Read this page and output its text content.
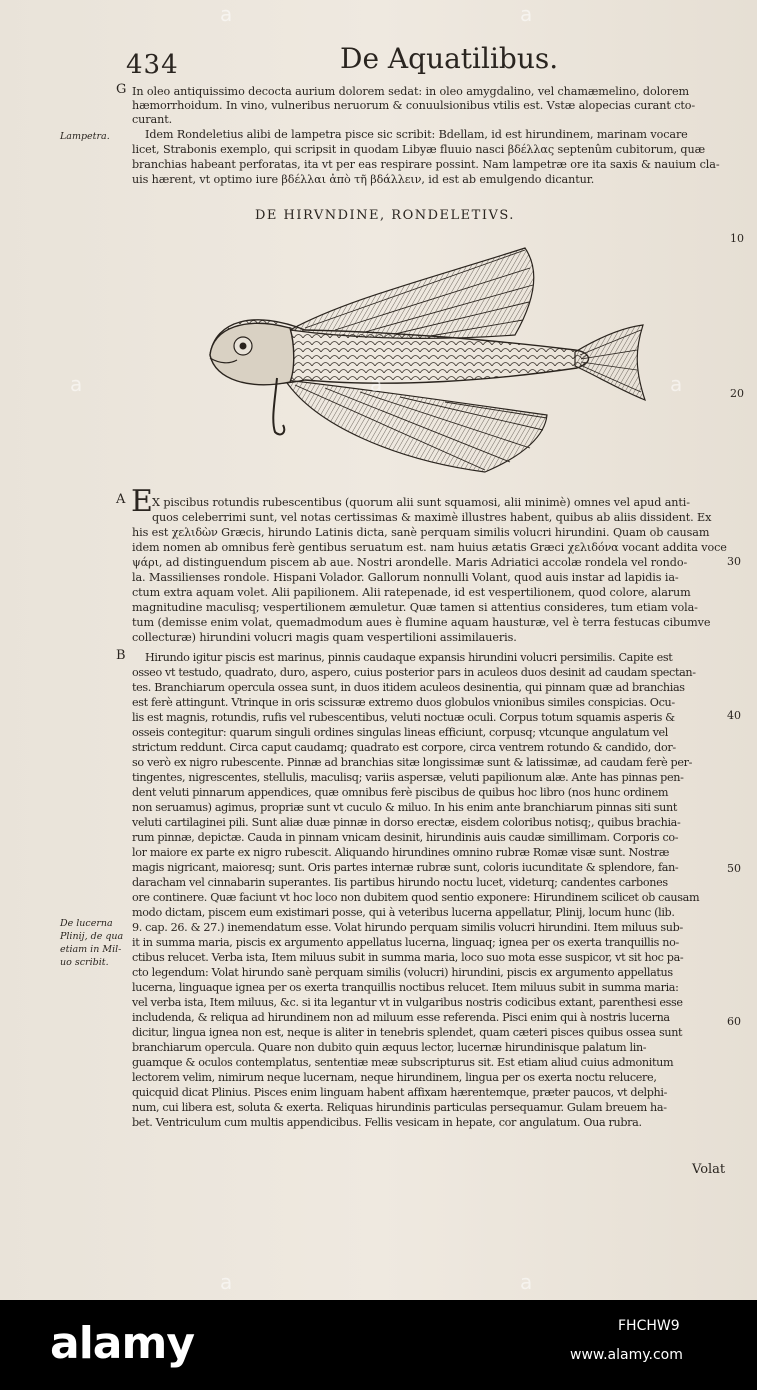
434	De Aquatilibus.
G In oleo antiquissimo decocta aurium dolorem sedat: in oleo amygdalino, vel chamæmelino, dolorem
hæmorrhoidum. In vino, vulneribus neruorum & conuulsionibus vtilis est. Vstæ alopecias curant cto-
curant.
Idem Rondeletius alibi de lampetra pisce sic scribit: Bdellam, id est hirundinem, marinam vocare
licet, Strabonis exemplo, qui scripsit in quodam Libyæ fluuio nasci βδέλλας septenûm cubitorum, quæ
branchias habeant perforatas, ita vt per eas respirare possint. Nam lampetræ ore ita saxis & nauium cla-
uis hærent, vt optimo iure βδέλλαι ἀπὸ τῆ βδάλλειν, id est ab emulgendo dicantur.
Lampetra.
DE HIRVNDINE, RONDELETIVS.
A E X piscibus rotundis rubescentibus (quorum alii sunt squamosi, alii minimè) omnes vel apud anti-
quos celeberrimi sunt, vel notas certissimas & maximè illustres habent, quibus ab aliis dissident. Ex
his est χελιδὼν Græcis, hirundo Latinis dicta, sanè perquam similis volucri hirundini. Quam ob causam
idem nomen ab omnibus ferè gentibus seruatum est. nam huius ætatis Græci χελιδόνα vocant addita voce
ψάρι, ad distinguendum piscem ab aue. Nostri arondelle. Maris Adriatici accolæ rondela vel rondo-
la. Massilienses rondole. Hispani Volador. Gallorum nonnulli Volant, quod auis instar ad lapidis ia-
ctum extra aquam volet. Alii papilionem. Alii ratepenade, id est vespertilionem, quod colore, alarum
magnitudine maculisq; vespertilionem æmuletur. Quæ tamen si attentius consideres, tum etiam vola-
tum (demisse enim volat, quemadmodum aues è flumine aquam hausturæ, vel è terra festucas cibumve
collecturæ) hirundini volucri magis quam vespertilioni assimilaueris.
B Hirundo igitur piscis est marinus, pinnis caudaque expansis hirundini volucri persimilis. Capite est
osseo vt testudo, quadrato, duro, aspero, cuius posterior pars in aculeos duos desinit ad caudam spectan-
tes. Branchiarum opercula ossea sunt, in duos itidem aculeos desinentia, qui pinnam quæ ad branchias
est ferè attingunt. Vtrinque in oris scissuræ extremo duos globulos vnionibus similes conspicias. Ocu-
lis est magnis, rotundis, rufis vel rubescentibus, veluti noctuæ oculi. Corpus totum squamis asperis &
osseis contegitur: quarum singuli ordines singulas lineas efficiunt, corpusq; vtcunque angulatum vel
strictum reddunt. Circa caput caudamq; quadrato est corpore, circa ventrem rotundo & candido, dor-
so verò ex nigro rubescente. Pinnæ ad branchias sitæ longissimæ sunt & latissimæ, ad caudam ferè per-
tingentes, nigrescentes, stellulis, maculisq; variis aspersæ, veluti papilionum alæ. Ante has pinnas pen-
dent veluti pinnarum appendices, quæ omnibus ferè piscibus de quibus hoc libro (nos hunc ordinem
non seruamus) agimus, propriæ sunt vt cuculo & miluo. In his enim ante branchiarum pinnas siti sunt
veluti cartilaginei pili. Sunt aliæ duæ pinnæ in dorso erectæ, eisdem coloribus notisq;, quibus brachia-
rum pinnæ, depictæ. Cauda in pinnam vnicam desinit, hirundinis auis caudæ simillimam. Corporis co-
lor maiore ex parte ex nigro rubescit. Aliquando hirundines omnino rubræ Romæ visæ sunt. Nostræ
magis nigricant, maioresq; sunt. Oris partes internæ rubræ sunt, coloris iucunditate & splendore, fan-
daracham vel cinnabarin superantes. Iis partibus hirundo noctu lucet, videturq; candentes carbones
ore continere. Quæ faciunt vt hoc loco non dubitem quod sentio exponere: Hirundinem scilicet ob causam
modo dictam, piscem eum existimari posse, qui à veteribus lucerna appellatur, Plinij, locum hunc (lib.
9. cap. 26. & 27.) inemendatum esse. Volat hirundo perquam similis volucri hirundini. Item miluus sub-
it in summa maria, piscis ex argumento appellatus lucerna, linguaq; ignea per os exerta tranquillis no-
ctibus relucet. Verba ista, Item miluus subit in summa maria, loco suo mota esse suspicor, vt sit hoc pa-
cto legendum: Volat hirundo sanè perquam similis (volucri) hirundini, piscis ex argumento appellatus
lucerna, linguaque ignea per os exerta tranquillis noctibus relucet. Item miluus subit in summa maria:
vel verba ista, Item miluus, &c. si ita legantur vt in vulgaribus nostris codicibus extant, parenthesi esse
includenda, & reliqua ad hirundinem non ad miluum esse referenda. Pisci enim qui à nostris lucerna
dicitur, lingua ignea non est, neque is aliter in tenebris splendet, quam cæteri pisces quibus ossea sunt
branchiarum opercula. Quare non dubito quin æquus lector, lucernæ hirundinisque palatum lin-
guamque & oculos contemplatus, sententiæ meæ subscripturus sit. Est etiam aliud cuius admonitum
lectorem velim, nimirum neque lucernam, neque hirundinem, lingua per os exerta noctu relucere,
quicquid dicat Plinius. Pisces enim linguam habent affixam hærentemque, præter paucos, vt delphi-
num, cui libera est, soluta & exerta. Reliquas hirundinis particulas persequamur. Gulam breuem ha-
bet. Ventriculum cum multis appendicibus. Fellis vesicam in hepate, cor angulatum. Oua rubra.
De lucerna
Plinij, de qua
etiam in Mil-
uo scribit.
10
20
30
40
50
60
Volat
a	a
a	a	a
a	a
alamy	FHCHW9
www.alamy.com
